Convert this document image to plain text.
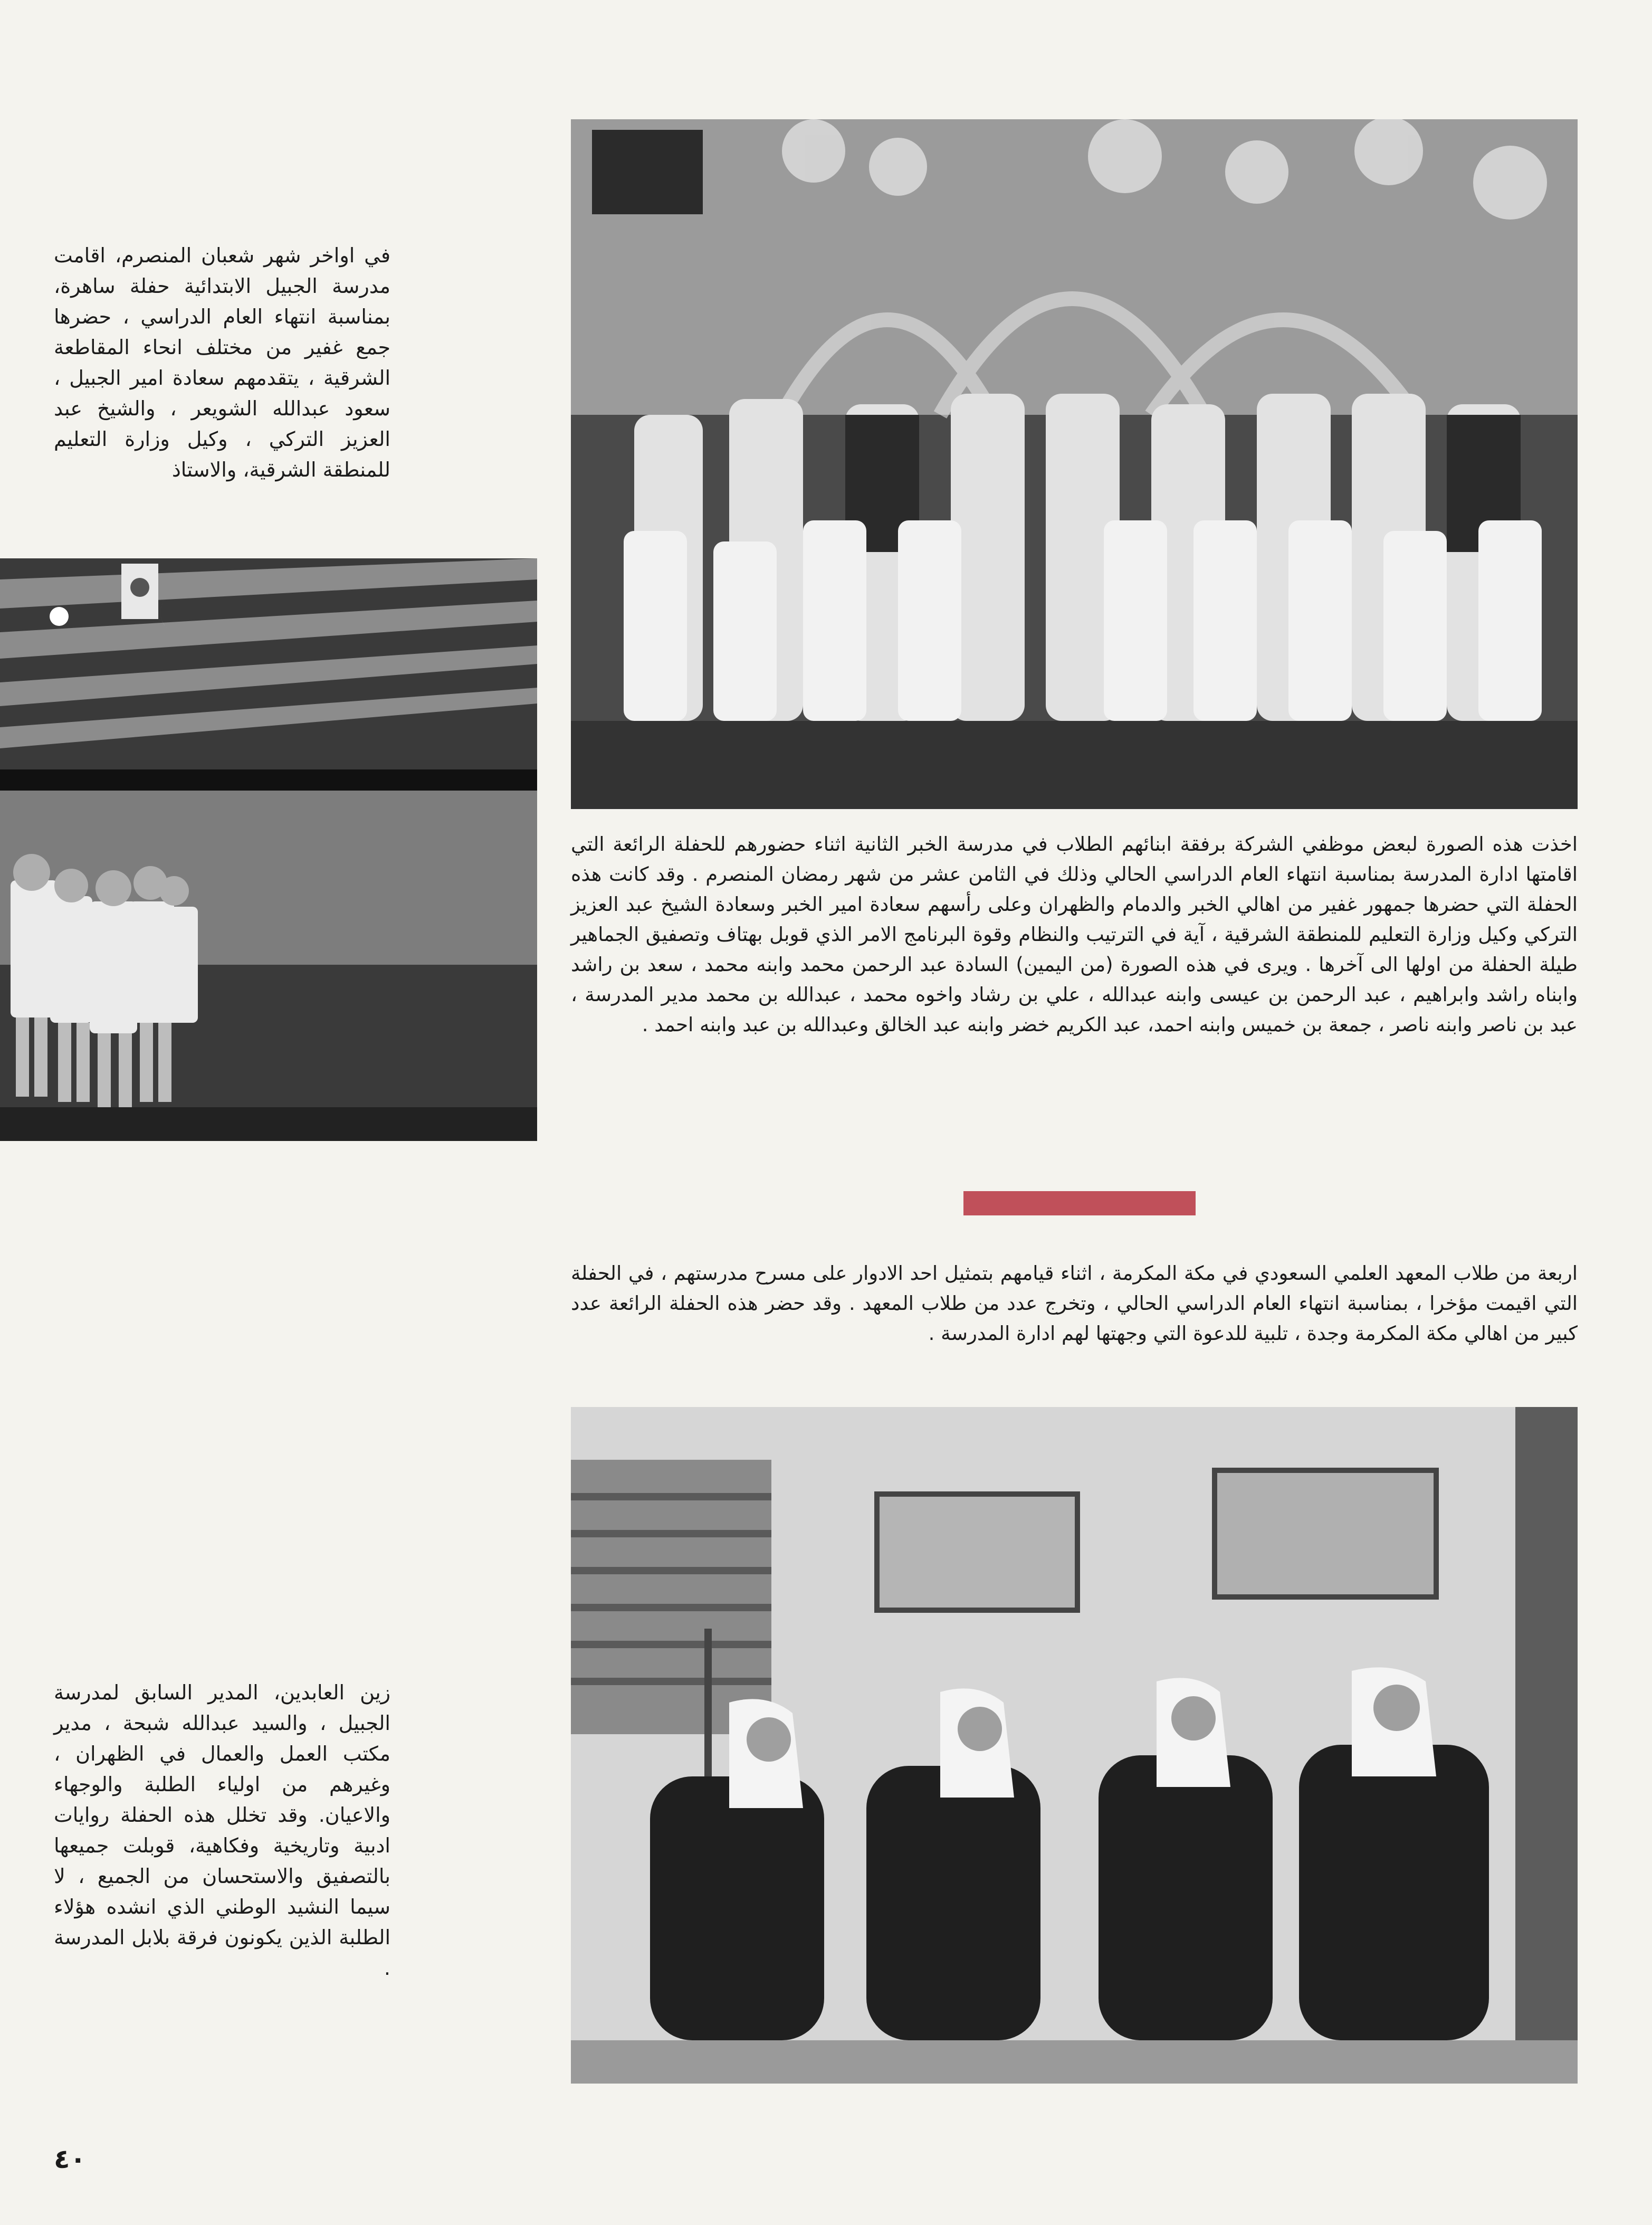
في اواخر شهر شعبان المنصرم، اقامت مدرسة الجبيل الابتدائية حفلة ساهرة، بمناسبة انتهاء العام الدراسي ، حضرها جمع غفير من مختلف انحاء المقاطعة الشرقية ، يتقدمهم سعادة امير الجبيل ، سعود عبدالله الشويعر ، والشيخ عبد العزيز التركي ، وكيل وزارة التعليم للمنطقة الشرقية، والاستاذ

زين العابدين، المدير السابق لمدرسة الجبيل ، والسيد عبدالله شبحة ، مدير مكتب العمل والعمال في الظهران ، وغيرهم من اولياء الطلبة والوجهاء والاعيان. وقد تخلل هذه الحفلة روايات ادبية وتاريخية وفكاهية، قوبلت جميعها بالتصفيق والاستحسان من الجميع ، لا سيما النشيد الوطني الذي انشده هؤلاء الطلبة الذين يكونون فرقة بلابل المدرسة .

اخذت هذه الصورة لبعض موظفي الشركة برفقة ابنائهم الطلاب في مدرسة الخبر الثانية اثناء حضورهم للحفلة الرائعة التي اقامتها ادارة المدرسة بمناسبة انتهاء العام الدراسي الحالي وذلك في الثامن عشر من شهر رمضان المنصرم . وقد كانت هذه الحفلة التي حضرها جمهور غفير من اهالي الخبر والدمام والظهران وعلى رأسهم سعادة امير الخبر وسعادة الشيخ عبد العزيز التركي وكيل وزارة التعليم للمنطقة الشرقية ، آية في الترتيب والنظام وقوة البرنامج الامر الذي قوبل بهتاف وتصفيق الجماهير طيلة الحفلة من اولها الى آخرها . ويرى في هذه الصورة (من اليمين) السادة عبد الرحمن محمد وابنه محمد ، سعد بن راشد وابناه راشد وابراهيم ، عبد الرحمن بن عيسى وابنه عبدالله ، علي بن رشاد واخوه محمد ، عبدالله بن محمد مدير المدرسة ، عبد بن ناصر وابنه ناصر ، جمعة بن خميس وابنه احمد، عبد الكريم خضر وابنه عبد الخالق وعبدالله بن عبد وابنه احمد .

اربعة من طلاب المعهد العلمي السعودي في مكة المكرمة ، اثناء قيامهم بتمثيل احد الادوار على مسرح مدرستهم ، في الحفلة التي اقيمت مؤخرا ، بمناسبة انتهاء العام الدراسي الحالي ، وتخرج عدد من طلاب المعهد . وقد حضر هذه الحفلة الرائعة عدد كبير من اهالي مكة المكرمة وجدة ، تلبية للدعوة التي وجهتها لهم ادارة المدرسة .

٤٠
